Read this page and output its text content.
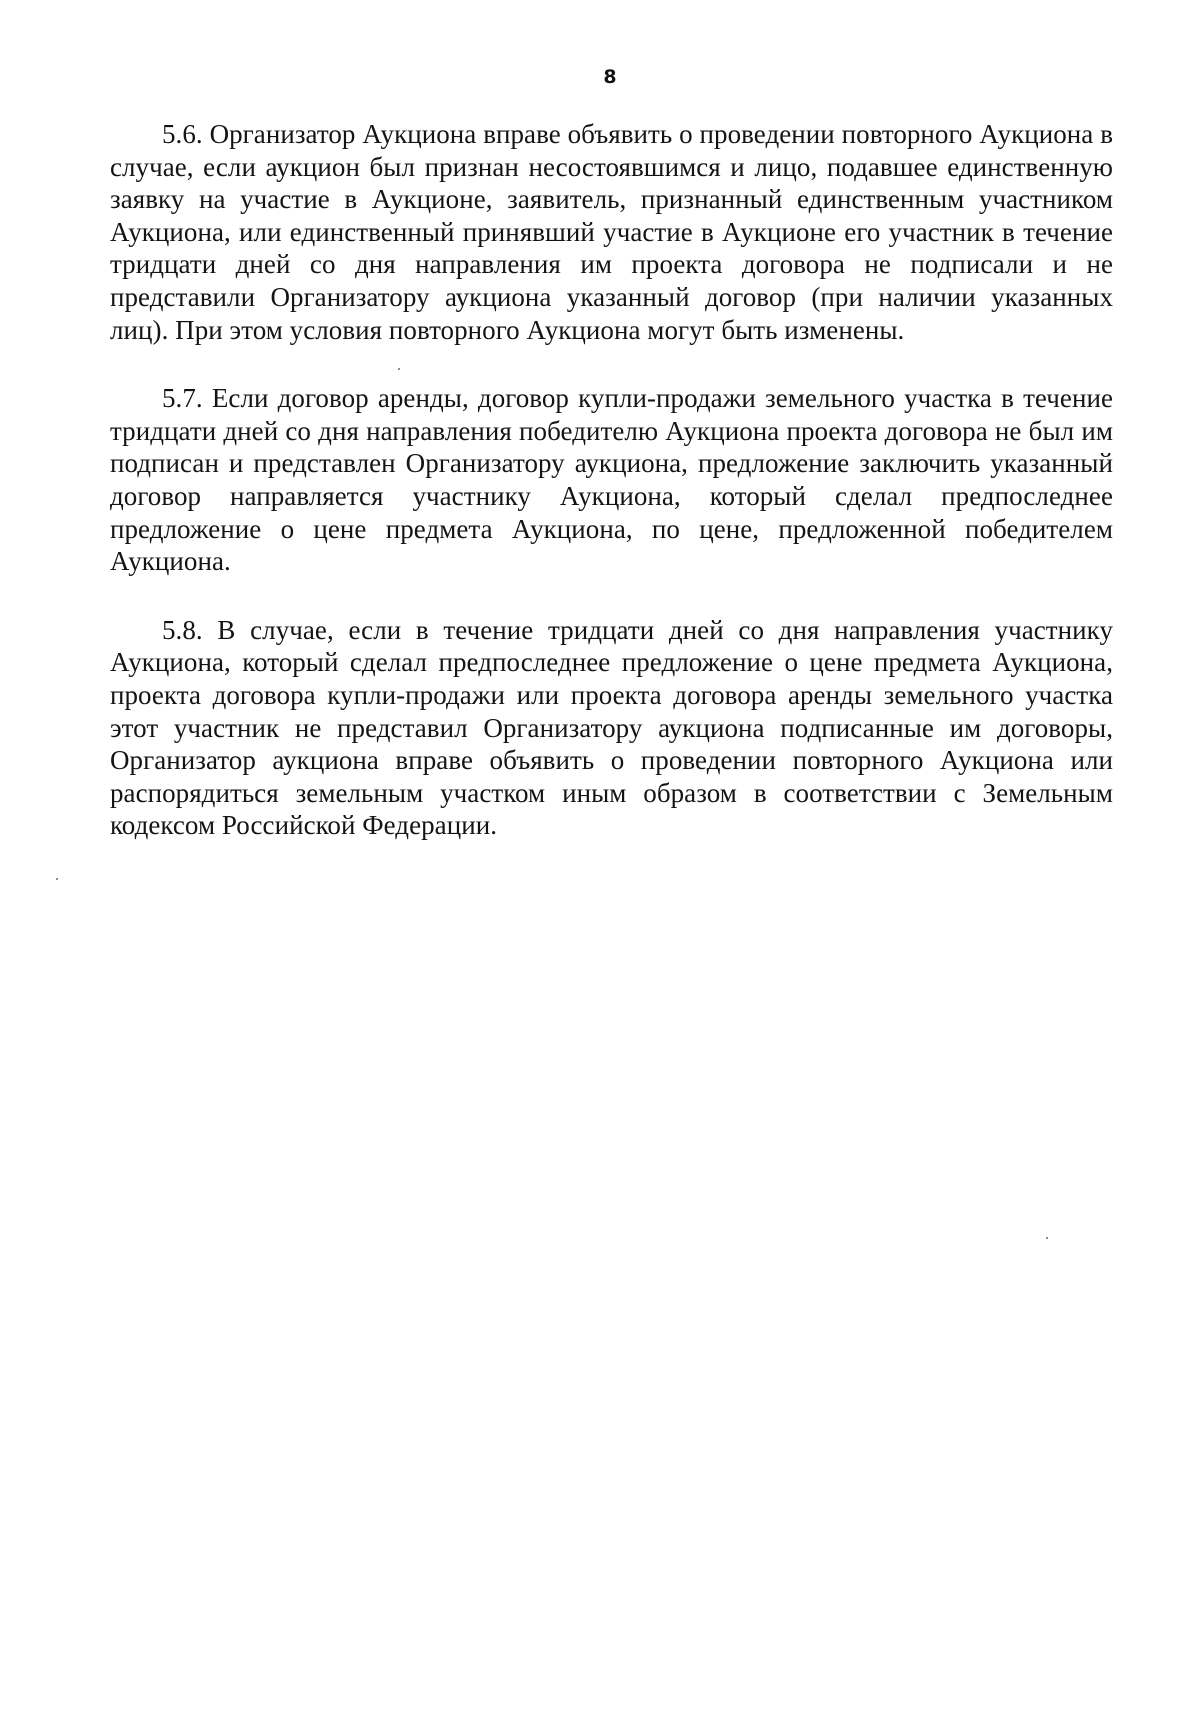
8

5.6. Организатор Аукциона вправе объявить о проведении повторного Аукциона в случае, если аукцион был признан несостоявшимся и лицо, подавшее единственную заявку на участие в Аукционе, заявитель, признанный единственным участником Аукциона, или единственный принявший участие в Аукционе его участник в течение тридцати дней со дня направления им проекта договора не подписали и не представили Организатору аукциона указанный договор (при наличии указанных лиц). При этом условия повторного Аукциона могут быть изменены.

5.7. Если договор аренды, договор купли-продажи земельного участка в течение тридцати дней со дня направления победителю Аукциона проекта договора не был им подписан и представлен Организатору аукциона, предложение заключить указанный договор направляется участнику Аукциона, который сделал предпоследнее предложение о цене предмета Аукциона, по цене, предложенной победителем Аукциона.

5.8. В случае, если в течение тридцати дней со дня направления участнику Аукциона, который сделал предпоследнее предложение о цене предмета Аукциона, проекта договора купли-продажи или проекта договора аренды земельного участка этот участник не представил Организатору аукциона подписанные им договоры, Организатор аукциона вправе объявить о проведении повторного Аукциона или распорядиться земельным участком иным образом в соответствии с Земельным кодексом Российской Федерации.
